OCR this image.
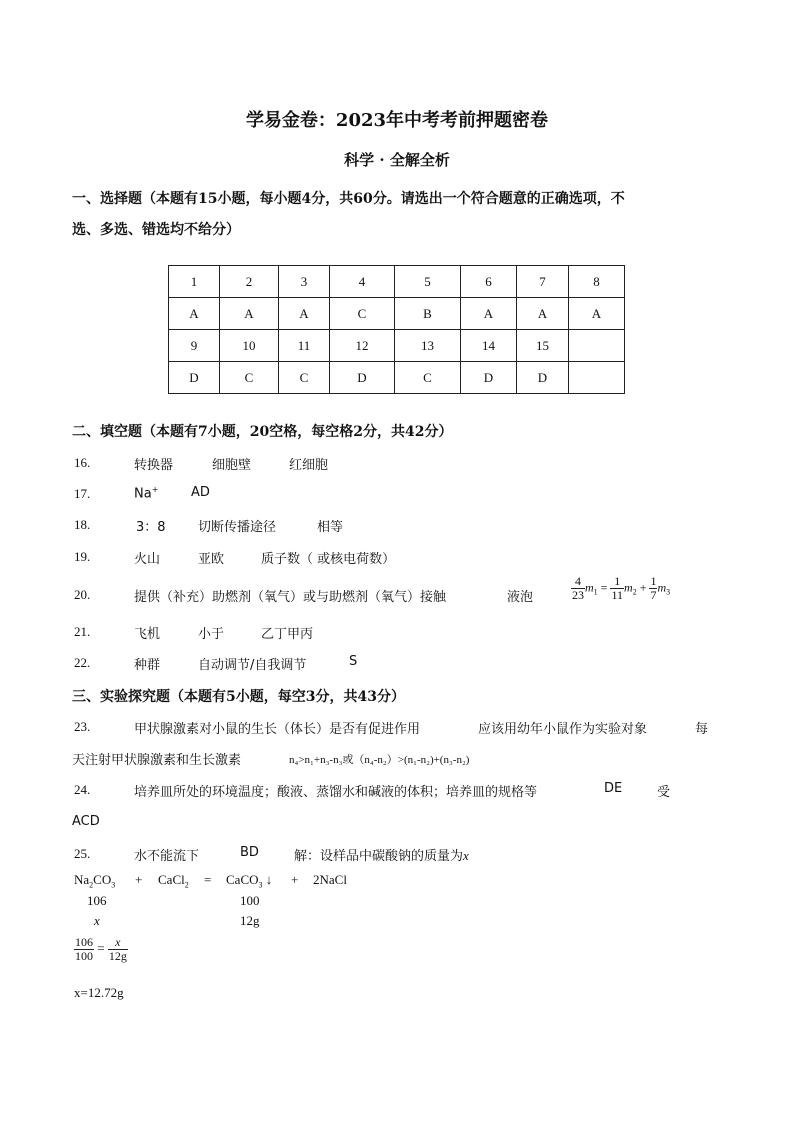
学易金卷：2023年中考考前押题密卷
科学 · 全解全析
一、选择题（本题有15小题，每小题4分，共60分。请选出一个符合题意的正确选项，不
选、多选、错选均不给分）
1	2	3	4	5	6	7	8
A	A	A	C	B	A	A	A
9	10	11	12	13	14	15	
D	C	C	D	C	D	D	
二、填空题（本题有7小题，20空格，每空格2分，共42分）
16.	转换器	细胞壁	红细胞
17.	Na+	AD
18.	3：8 切断传播途径	相等
19.	火山	亚欧	质子数（ 或核电荷数）
20.	提供（补充）助燃剂（氧气）或与助燃剂（氧气）接触	液泡	$\frac{4}{23} m_1 = \frac{1}{11} m_2 + \frac{1}{7} m_3$
21.	飞机	小于	乙丁甲丙
22.	种群	自动调节/自我调节	S
三、实验探究题（本题有5小题，每空3分，共43分）
23.	甲状腺激素对小鼠的生长（体长）是否有促进作用	应该用幼年小鼠作为实验对象	每
天注射甲状腺激素和生长激素	n₄>n₁+n₃-n₃或（n₄-n₂）>(n₁-n₂)+(n₃-n₂)
24.	培养皿所处的环境温度；酸液、蒸馏水和碱液的体积；培养皿的规格等	DE	受
ACD
25.	水不能流下	BD	解：设样品中碳酸钠的质量为x
$Na_2CO_3$ + CaCl$_2$ = CaCO$_3$ ↓ + 2NaCl
106	100
x	12g
$\frac{106}{100} = \frac{x}{12g}$
x=12.72g
